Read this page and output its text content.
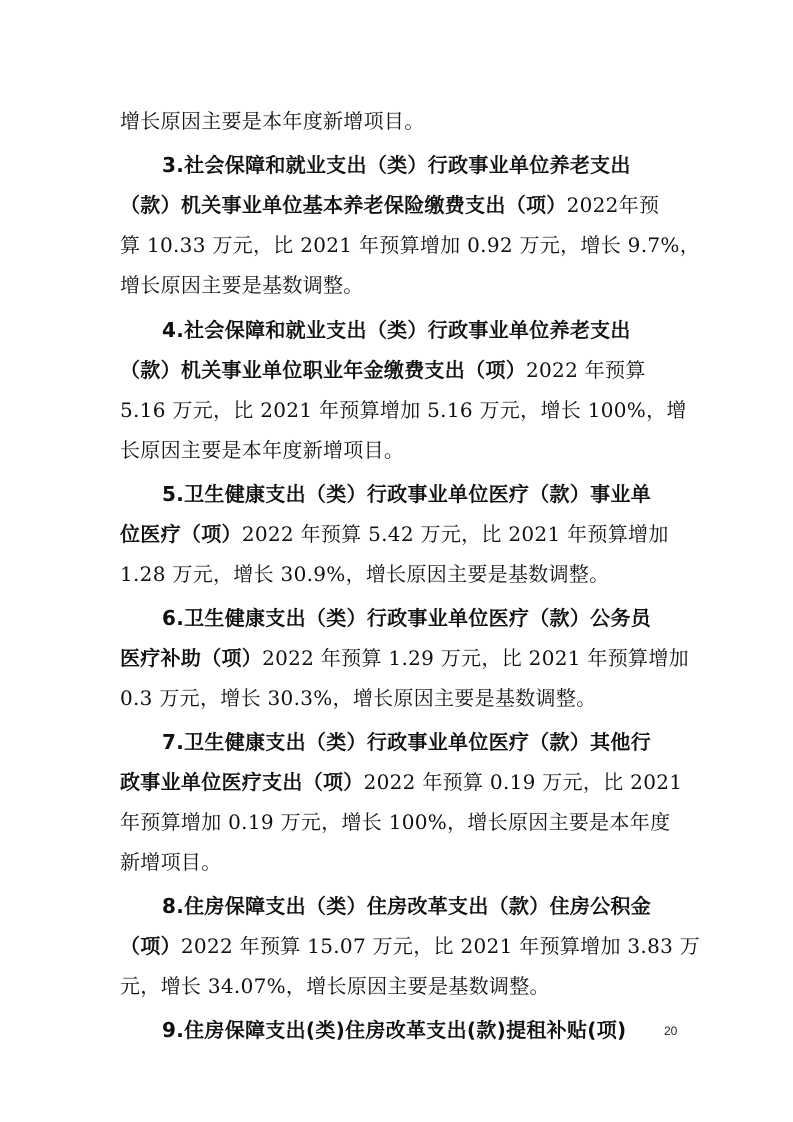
增长原因主要是本年度新增项目。
3.社会保障和就业支出（类）行政事业单位养老支出
（款）机关事业单位基本养老保险缴费支出（项）2022年预
算 10.33 万元，比 2021 年预算增加 0.92 万元，增长 9.7%，
增长原因主要是基数调整。
4.社会保障和就业支出（类）行政事业单位养老支出
（款）机关事业单位职业年金缴费支出（项）2022 年预算
5.16 万元，比 2021 年预算增加 5.16 万元，增长 100%，增
长原因主要是本年度新增项目。
5.卫生健康支出（类）行政事业单位医疗（款）事业单
位医疗（项）2022 年预算 5.42 万元，比 2021 年预算增加
1.28 万元，增长 30.9%，增长原因主要是基数调整。
6.卫生健康支出（类）行政事业单位医疗（款）公务员
医疗补助（项）2022 年预算 1.29 万元，比 2021 年预算增加
0.3 万元，增长 30.3%，增长原因主要是基数调整。
7.卫生健康支出（类）行政事业单位医疗（款）其他行
政事业单位医疗支出（项）2022 年预算 0.19 万元，比 2021
年预算增加 0.19 万元，增长 100%，增长原因主要是本年度
新增项目。
8.住房保障支出（类）住房改革支出（款）住房公积金
（项）2022 年预算 15.07 万元，比 2021 年预算增加 3.83 万
元，增长 34.07%，增长原因主要是基数调整。
9.住房保障支出(类)住房改革支出(款)提租补贴(项)	20
